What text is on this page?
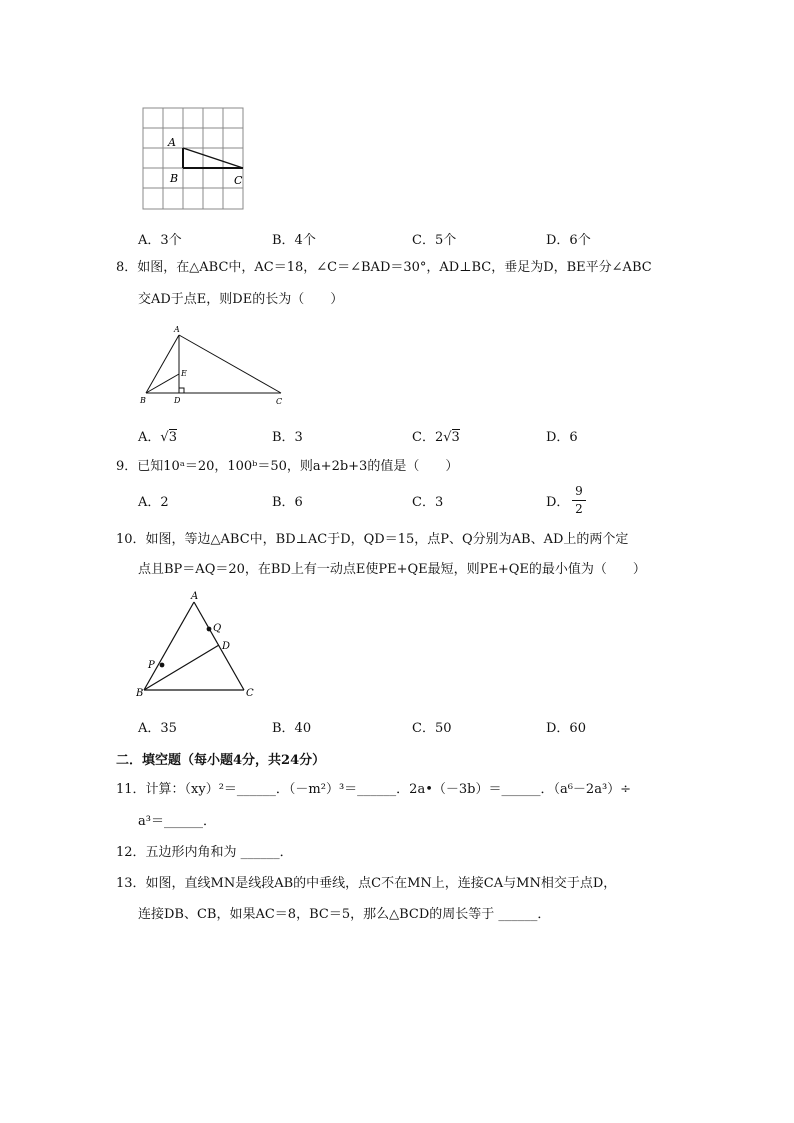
A
B	C
A．3个	B．4个	C．5个	D．6个
8．如图，在△ABC中，AC＝18，∠C＝∠BAD＝30°，AD⊥BC，垂足为D，BE平分∠ABC
交AD于点E，则DE的长为（　　）
A
E
B	D	C
A．√3	B．3	C．2√3	D．6
9．已知10ᵃ＝20，100ᵇ＝50，则a+2b+3的值是（　　）
A．2	B．6	C．3	D．
9
2
10．如图，等边△ABC中，BD⊥AC于D，QD＝15，点P、Q分别为AB、AD上的两个定
点且BP＝AQ＝20，在BD上有一动点E使PE+QE最短，则PE+QE的最小值为（　　）
A
Q
D
P
B	C
A．35	B．40	C．50	D．60
二．填空题（每小题4分，共24分）
11．计算：（xy）²＝______．（－m²）³＝______．2a•（－3b）＝______．（a⁶－2a³）÷
a³＝______．
12．五边形内角和为 ______．
13．如图，直线MN是线段AB的中垂线，点C不在MN上，连接CA与MN相交于点D，
连接DB、CB，如果AC＝8，BC＝5，那么△BCD的周长等于 ______．
